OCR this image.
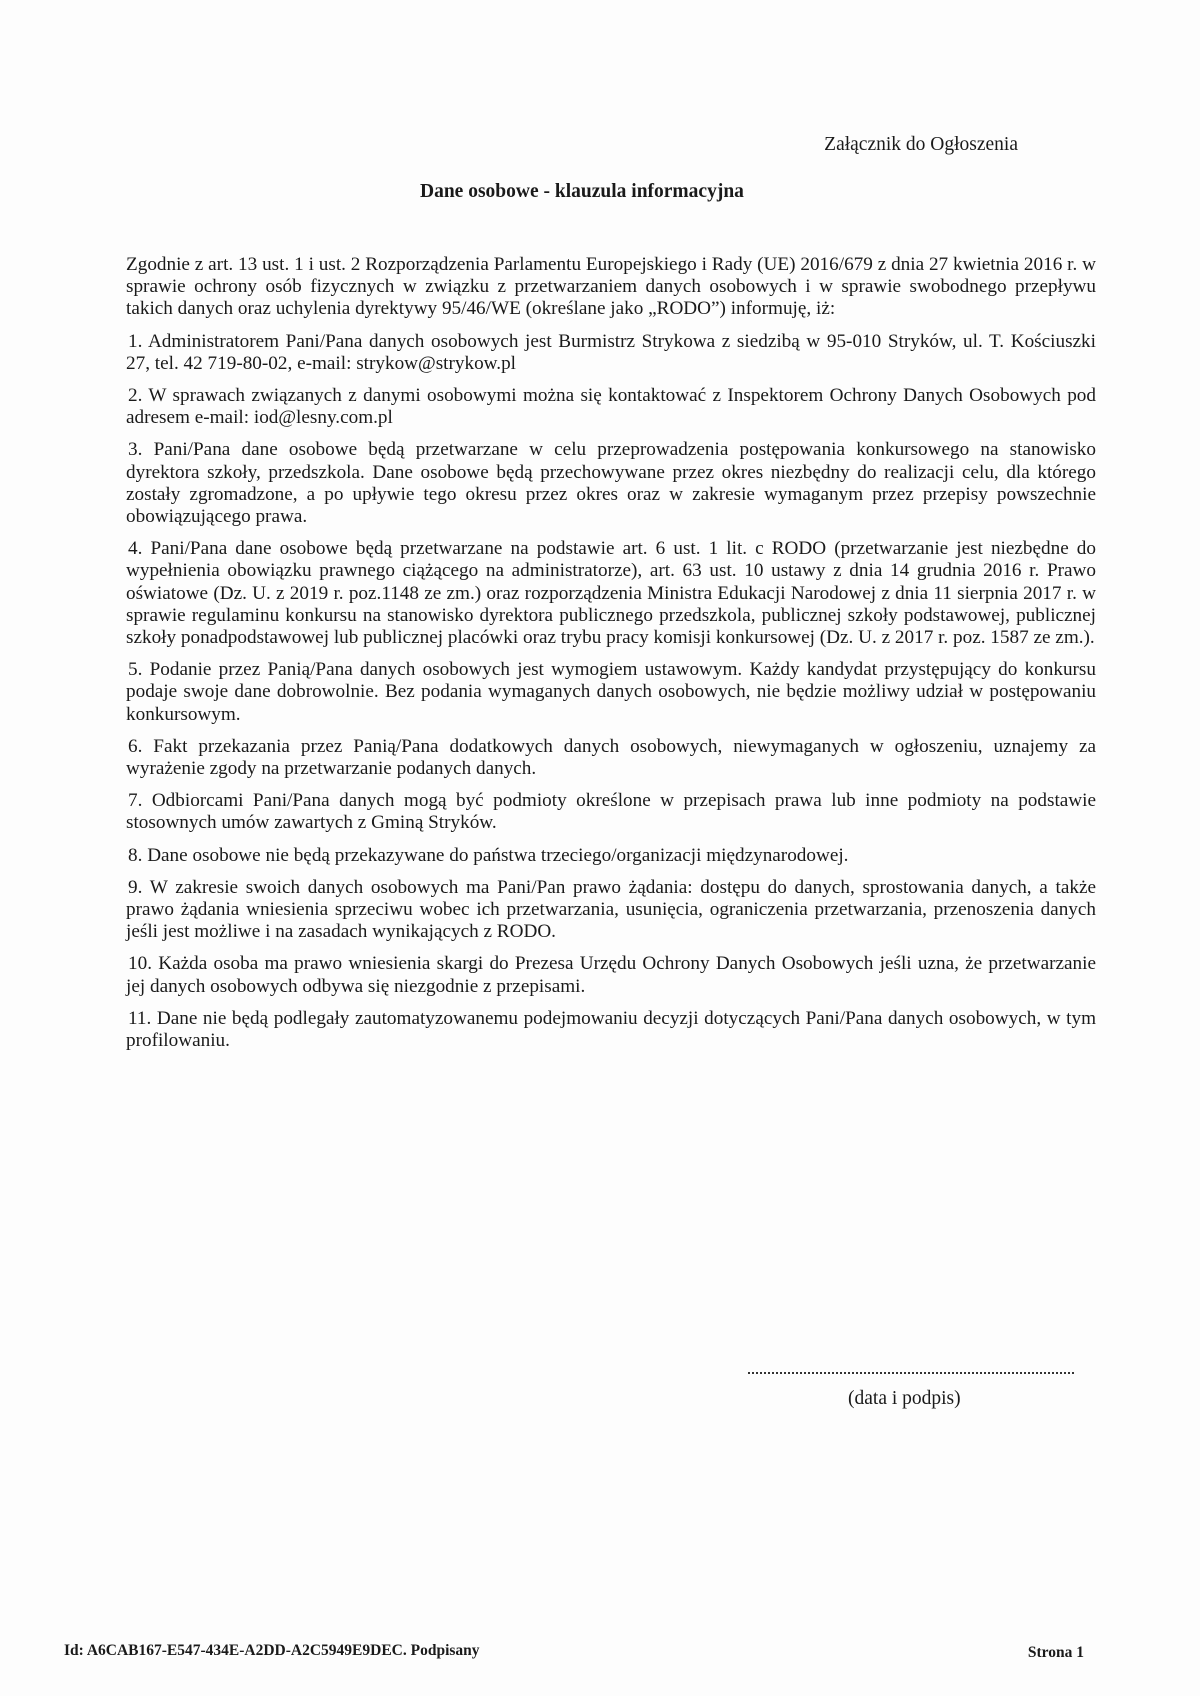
Załącznik do Ogłoszenia
Dane osobowe - klauzula informacyjna

Zgodnie z art. 13 ust. 1 i ust. 2 Rozporządzenia Parlamentu Europejskiego i Rady (UE) 2016/679 z dnia 27 kwietnia 2016 r. w sprawie ochrony osób fizycznych w związku z przetwarzaniem danych osobowych i w sprawie swobodnego przepływu takich danych oraz uchylenia dyrektywy 95/46/WE (określane jako „RODO”) informuję, iż:

1. Administratorem Pani/Pana danych osobowych jest Burmistrz Strykowa z siedzibą w 95-010 Stryków, ul. T. Kościuszki 27, tel. 42 719-80-02, e-mail: strykow@strykow.pl

2. W sprawach związanych z danymi osobowymi można się kontaktować z Inspektorem Ochrony Danych Osobowych pod adresem e-mail: iod@lesny.com.pl

3. Pani/Pana dane osobowe będą przetwarzane w celu przeprowadzenia postępowania konkursowego na stanowisko dyrektora szkoły, przedszkola. Dane osobowe będą przechowywane przez okres niezbędny do realizacji celu, dla którego zostały zgromadzone, a po upływie tego okresu przez okres oraz w zakresie wymaganym przez przepisy powszechnie obowiązującego prawa.

4. Pani/Pana dane osobowe będą przetwarzane na podstawie art. 6 ust. 1 lit. c RODO (przetwarzanie jest niezbędne do wypełnienia obowiązku prawnego ciążącego na administratorze), art. 63 ust. 10 ustawy z dnia 14 grudnia 2016 r. Prawo oświatowe (Dz. U. z 2019 r. poz.1148 ze zm.) oraz rozporządzenia Ministra Edukacji Narodowej z dnia 11 sierpnia 2017 r. w sprawie regulaminu konkursu na stanowisko dyrektora publicznego przedszkola, publicznej szkoły podstawowej, publicznej szkoły ponadpodstawowej lub publicznej placówki oraz trybu pracy komisji konkursowej (Dz. U. z 2017 r. poz. 1587 ze zm.).

5. Podanie przez Panią/Pana danych osobowych jest wymogiem ustawowym. Każdy kandydat przystępujący do konkursu podaje swoje dane dobrowolnie. Bez podania wymaganych danych osobowych, nie będzie możliwy udział w postępowaniu konkursowym.

6. Fakt przekazania przez Panią/Pana dodatkowych danych osobowych, niewymaganych w ogłoszeniu, uznajemy za wyrażenie zgody na przetwarzanie podanych danych.

7. Odbiorcami Pani/Pana danych mogą być podmioty określone w przepisach prawa lub inne podmioty na podstawie stosownych umów zawartych z Gminą Stryków.

8. Dane osobowe nie będą przekazywane do państwa trzeciego/organizacji międzynarodowej.

9. W zakresie swoich danych osobowych ma Pani/Pan prawo żądania: dostępu do danych, sprostowania danych, a także prawo żądania wniesienia sprzeciwu wobec ich przetwarzania, usunięcia, ograniczenia przetwarzania, przenoszenia danych jeśli jest możliwe i na zasadach wynikających z RODO.

10. Każda osoba ma prawo wniesienia skargi do Prezesa Urzędu Ochrony Danych Osobowych jeśli uzna, że przetwarzanie jej danych osobowych odbywa się niezgodnie z przepisami.

11. Dane nie będą podlegały zautomatyzowanemu podejmowaniu decyzji dotyczących Pani/Pana danych osobowych, w tym profilowaniu.

(data i podpis)
Id: A6CAB167-E547-434E-A2DD-A2C5949E9DEC. Podpisany	Strona 1
